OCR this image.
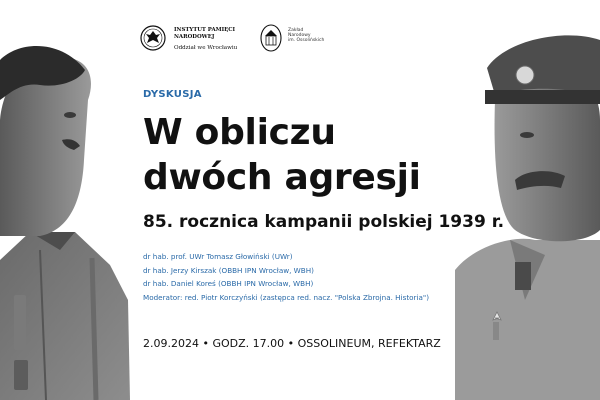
INSTYTUT PAMIĘCI
NARODOWEJ
Oddział we Wrocławiu
Zakład
Narodowy
im. Ossolińskich
DYSKUSJA
W obliczu
dwóch agresji
85. rocznica kampanii polskiej 1939 r.
dr hab. prof. UWr Tomasz Głowiński (UWr)
dr hab. Jerzy Kirszak (OBBH IPN Wrocław, WBH)
dr hab. Daniel Koreś (OBBH IPN Wrocław, WBH)
Moderator: red. Piotr Korczyński (zastępca red. nacz. "Polska Zbrojna. Historia")
2.09.2024 • GODZ. 17.00 • OSSOLINEUM, REFEKTARZ
